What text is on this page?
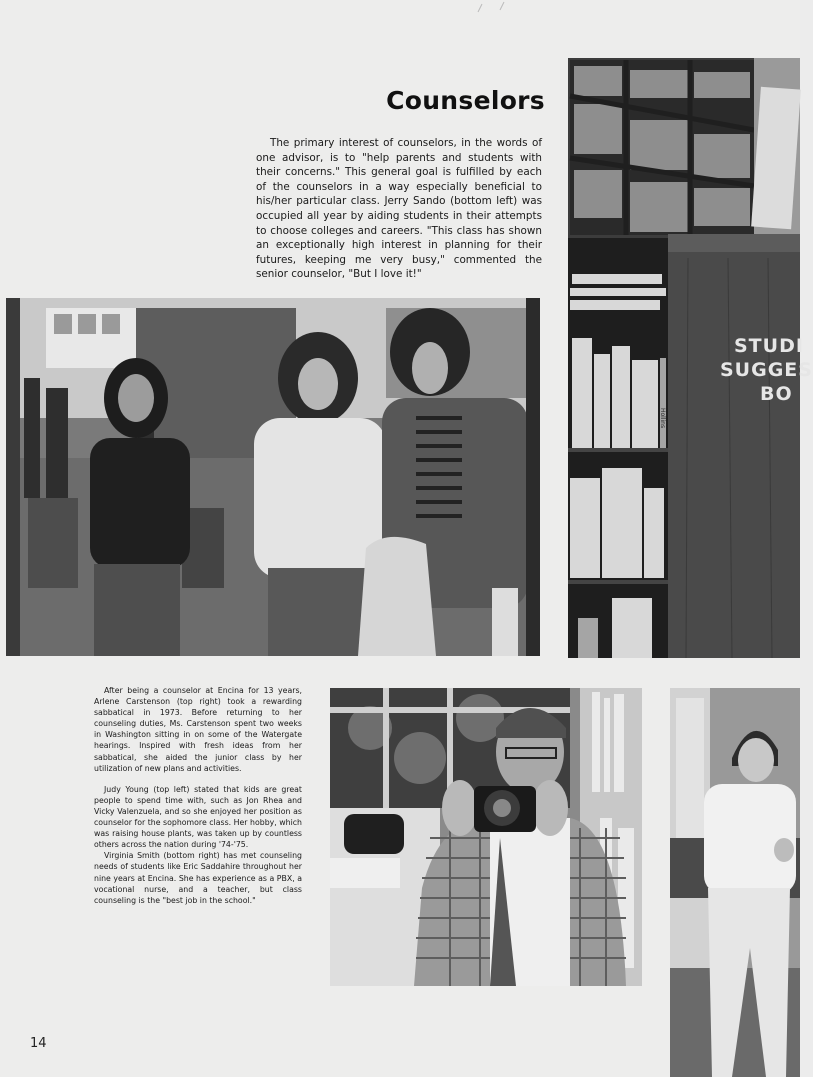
Counselors

The primary interest of counselors, in the words of one advisor, is to "help parents and students with their concerns." This general goal is fulfilled by each of the counselors in a way especially beneficial to his/her particular class. Jerry Sando (bottom left) was occupied all year by aiding students in their attempts to choose colleges and careers. "This class has shown an exceptionally high interest in planning for their futures, keeping me very busy," commented the senior counselor, "But I love it!"

STUDI
SUGGES
BO
Hollins

After being a counselor at Encina for 13 years, Arlene Carstenson (top right) took a rewarding sabbatical in 1973. Before returning to her counseling duties, Ms. Carstenson spent two weeks in Washington sitting in on some of the Watergate hearings. Inspired with fresh ideas from her sabbatical, she aided the junior class by her utilization of new plans and activities.

Judy Young (top left) stated that kids are great people to spend time with, such as Jon Rhea and Vicky Valenzuela, and so she enjoyed her position as counselor for the sophomore class. Her hobby, which was raising house plants, was taken up by countless others across the nation during '74-'75.

Virginia Smith (bottom right) has met counseling needs of students like Eric Saddahire throughout her nine years at Encina. She has experience as a PBX, a vocational nurse, and a teacher, but class counseling is the "best job in the school."

14
